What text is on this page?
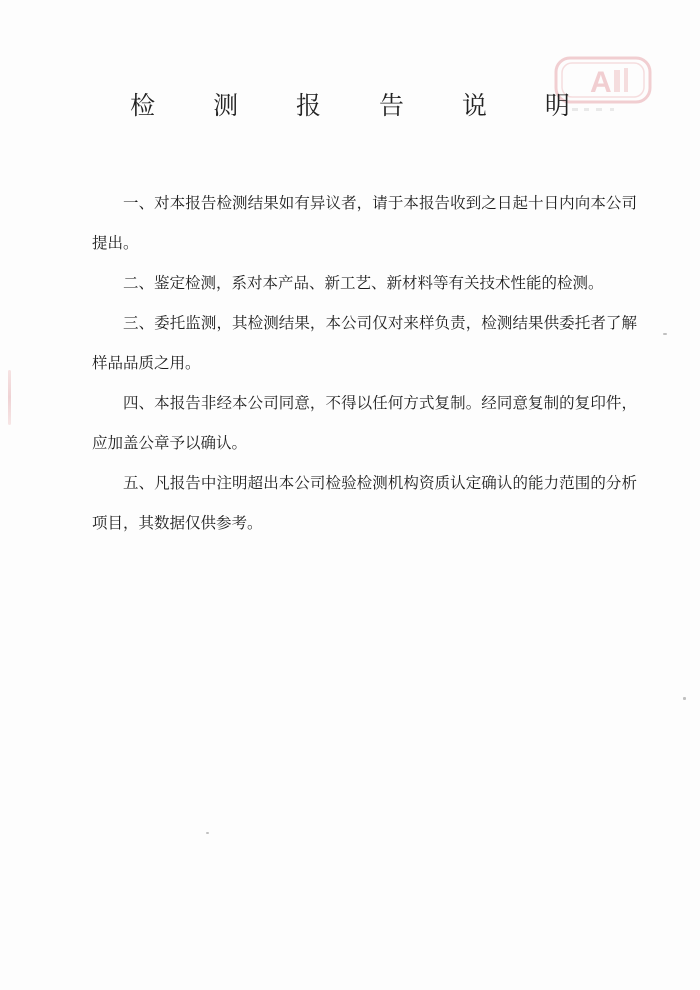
A
检 测 报 告 说 明
一、对本报告检测结果如有异议者，请于本报告收到之日起十日内向本公司提出。
二、鉴定检测，系对本产品、新工艺、新材料等有关技术性能的检测。
三、委托监测，其检测结果，本公司仅对来样负责，检测结果供委托者了解样品品质之用。
四、本报告非经本公司同意，不得以任何方式复制。经同意复制的复印件，应加盖公章予以确认。
五、凡报告中注明超出本公司检验检测机构资质认定确认的能力范围的分析项目，其数据仅供参考。
